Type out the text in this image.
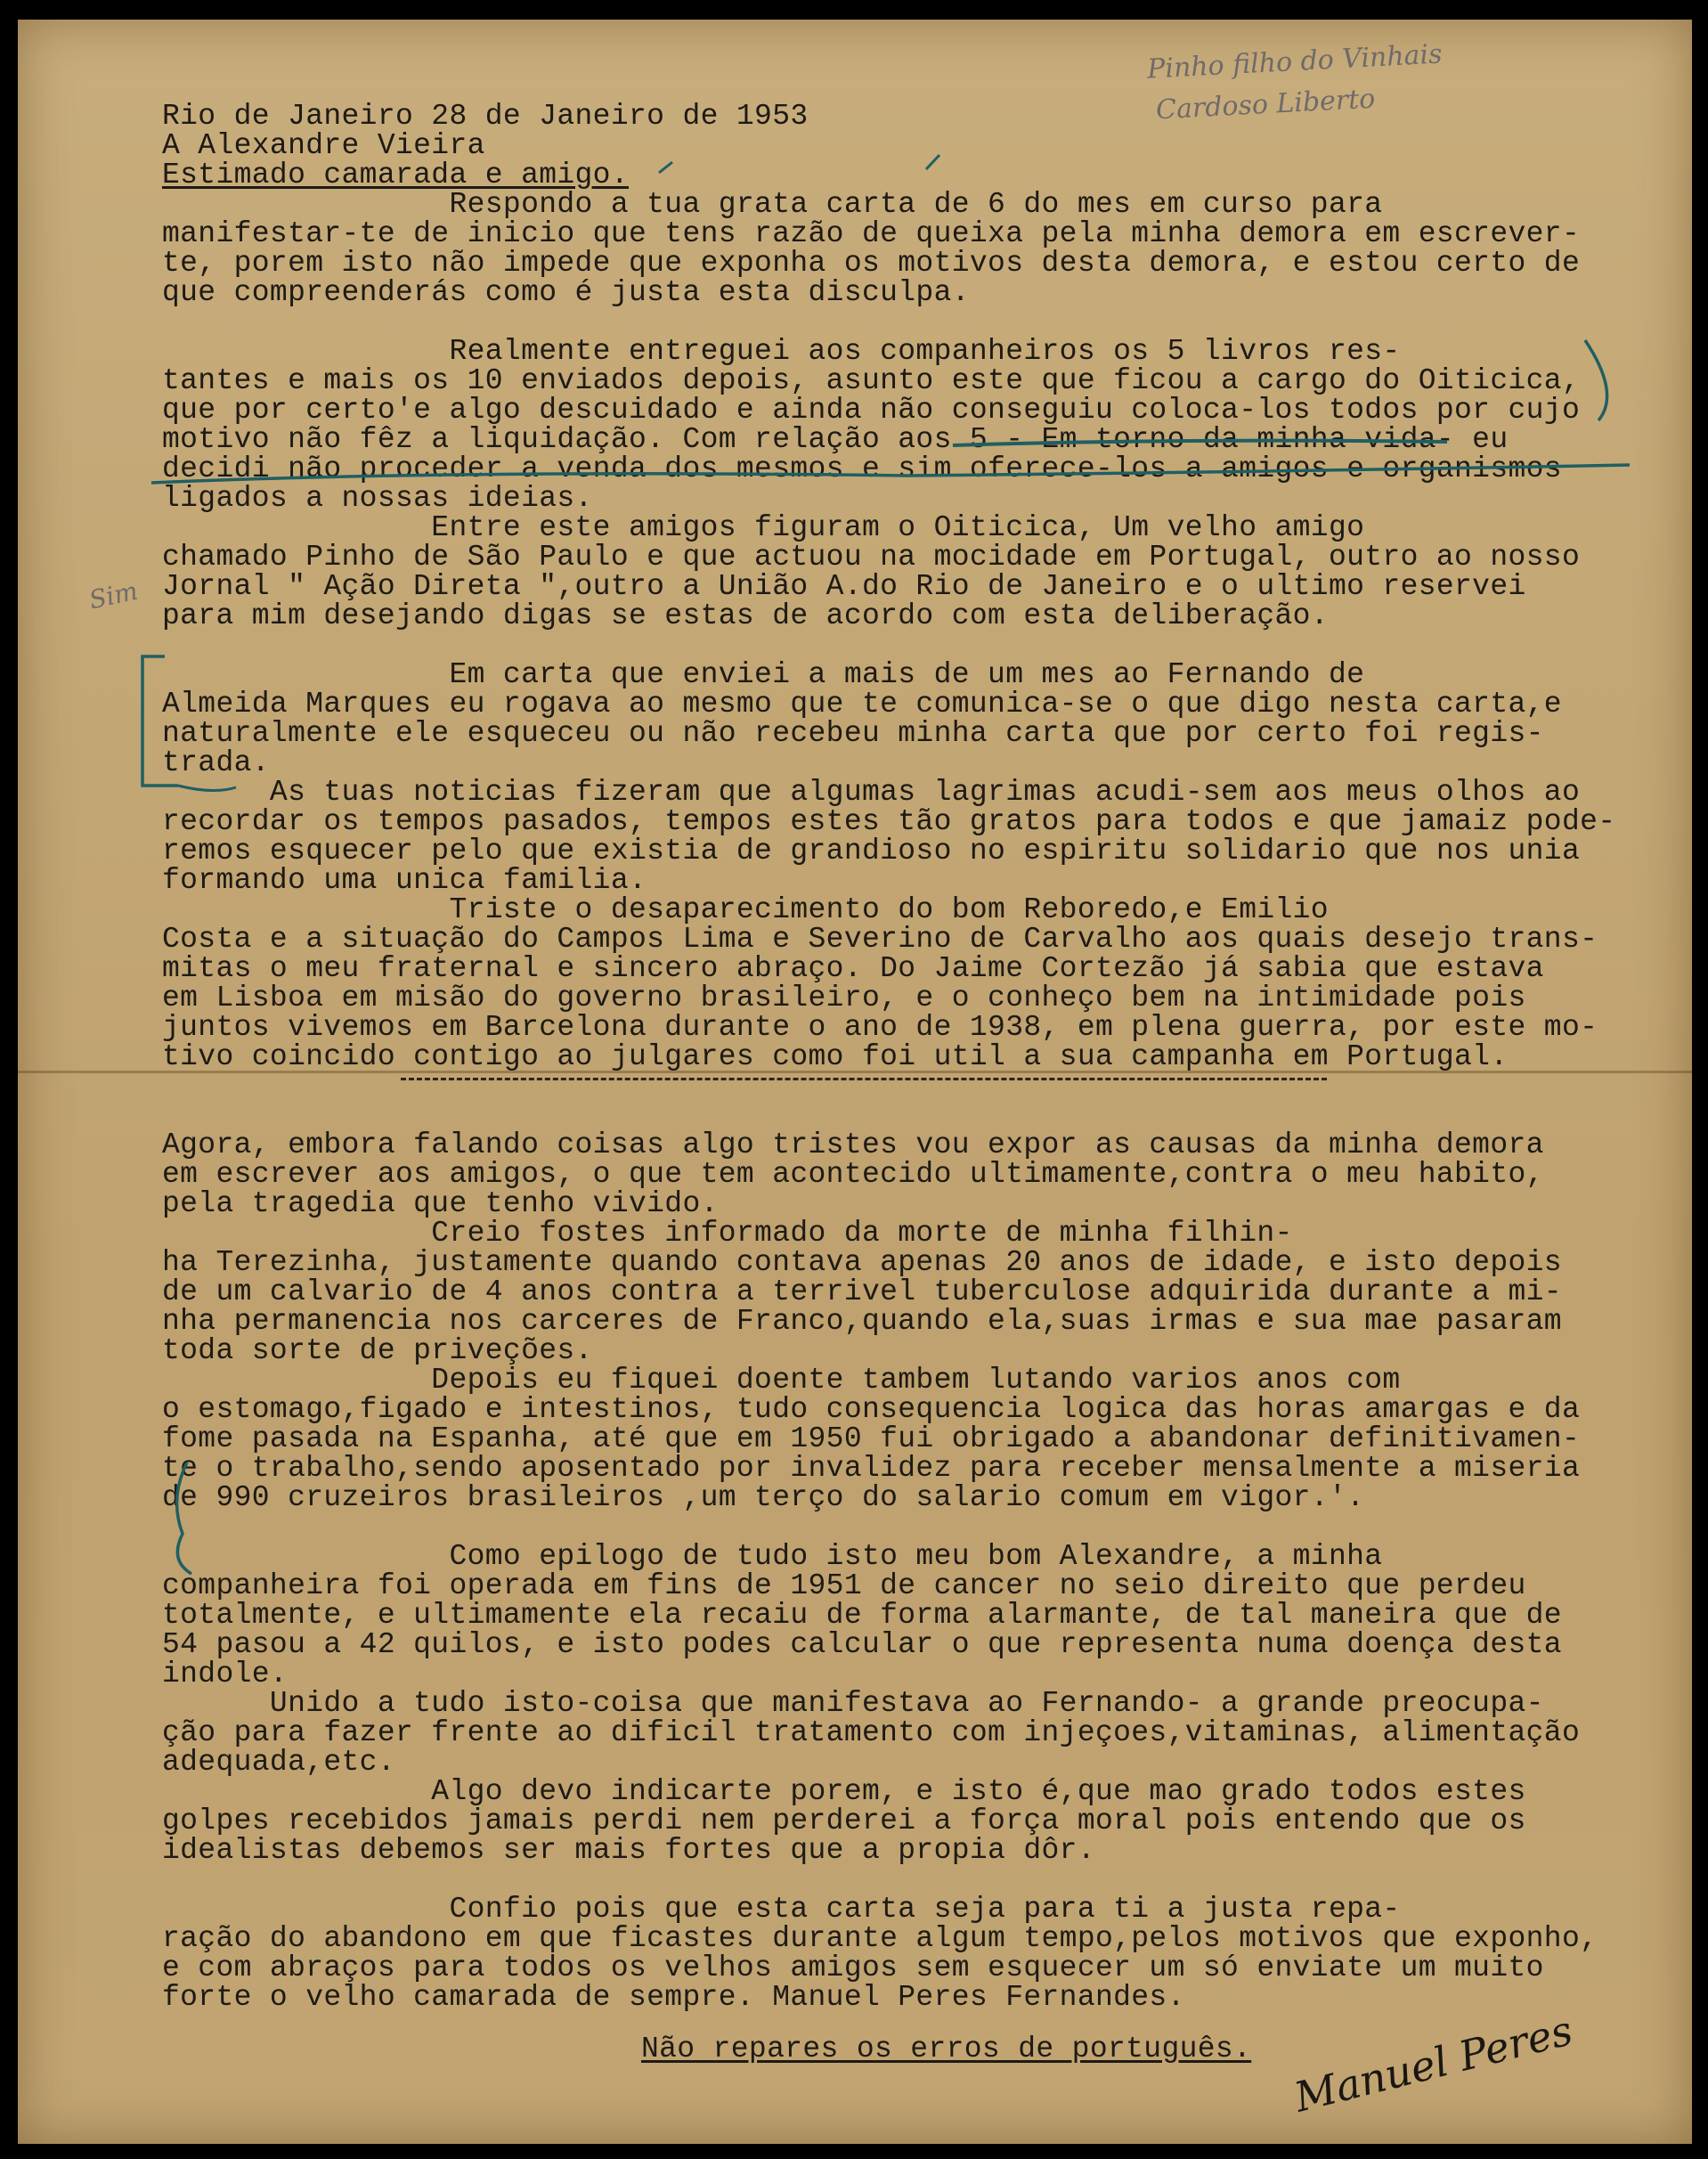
Pinho filho do Vinhais
Cardoso Liberto
Sim
Rio de Janeiro 28 de Janeiro de 1953
A Alexandre Vieira
Estimado camarada e amigo.
Respondo a tua grata carta de 6 do mes em curso para
manifestar-te de inicio que tens razão de queixa pela minha demora em escrever-
te, porem isto não impede que exponha os motivos desta demora, e estou certo de
que compreenderás como é justa esta disculpa.
Realmente entreguei aos companheiros os 5 livros res-
tantes e mais os 10 enviados depois, asunto este que ficou a cargo do Oiticica,
que por certo'e algo descuidado e ainda não conseguiu coloca-los todos por cujo
motivo não fêz a liquidação. Com relação aos 5 - Em torno da minha vida- eu
decidi não proceder a venda dos mesmos e sim oferece-los a amigos e organismos
ligados a nossas ideias.
Entre este amigos figuram o Oiticica, Um velho amigo
chamado Pinho de São Paulo e que actuou na mocidade em Portugal, outro ao nosso
Jornal " Ação Direta ",outro a União A.do Rio de Janeiro e o ultimo reservei
para mim desejando digas se estas de acordo com esta deliberação.
Em carta que enviei a mais de um mes ao Fernando de
Almeida Marques eu rogava ao mesmo que te comunica-se o que digo nesta carta,e
naturalmente ele esqueceu ou não recebeu minha carta que por certo foi regis-
trada.
As tuas noticias fizeram que algumas lagrimas acudi-sem aos meus olhos ao
recordar os tempos pasados, tempos estes tão gratos para todos e que jamaiz pode-
remos esquecer pelo que existia de grandioso no espiritu solidario que nos unia
formando uma unica familia.
Triste o desaparecimento do bom Reboredo,e Emilio
Costa e a situação do Campos Lima e Severino de Carvalho aos quais desejo trans-
mitas o meu fraternal e sincero abraço. Do Jaime Cortezão já sabia que estava
em Lisboa em misão do governo brasileiro, e o conheço bem na intimidade pois
juntos vivemos em Barcelona durante o ano de 1938, em plena guerra, por este mo-
tivo coincido contigo ao julgares como foi util a sua campanha em Portugal.
Agora, embora falando coisas algo tristes vou expor as causas da minha demora
em escrever aos amigos, o que tem acontecido ultimamente,contra o meu habito,
pela tragedia que tenho vivido.
Creio fostes informado da morte de minha filhin-
ha Terezinha, justamente quando contava apenas 20 anos de idade, e isto depois
de um calvario de 4 anos contra a terrivel tuberculose adquirida durante a mi-
nha permanencia nos carceres de Franco,quando ela,suas irmas e sua mae pasaram
toda sorte de priveções.
Depois eu fiquei doente tambem lutando varios anos com
o estomago,figado e intestinos, tudo consequencia logica das horas amargas e da
fome pasada na Espanha, até que em 1950 fui obrigado a abandonar definitivamen-
te o trabalho,sendo aposentado por invalidez para receber mensalmente a miseria
de 990 cruzeiros brasileiros ,um terço do salario comum em vigor.'.
Como epilogo de tudo isto meu bom Alexandre, a minha
companheira foi operada em fins de 1951 de cancer no seio direito que perdeu
totalmente, e ultimamente ela recaiu de forma alarmante, de tal maneira que de
54 pasou a 42 quilos, e isto podes calcular o que representa numa doença desta
indole.
Unido a tudo isto-coisa que manifestava ao Fernando- a grande preocupa-
ção para fazer frente ao dificil tratamento com injeçoes,vitaminas, alimentação
adequada,etc.
Algo devo indicarte porem, e isto é,que mao grado todos estes
golpes recebidos jamais perdi nem perderei a força moral pois entendo que os
idealistas debemos ser mais fortes que a propia dôr.
Confio pois que esta carta seja para ti a justa repa-
ração do abandono em que ficastes durante algum tempo,pelos motivos que exponho,
e com abraços para todos os velhos amigos sem esquecer um só enviate um muito
forte o velho camarada de sempre. Manuel Peres Fernandes.
Não repares os erros de português. Manuel Peres
